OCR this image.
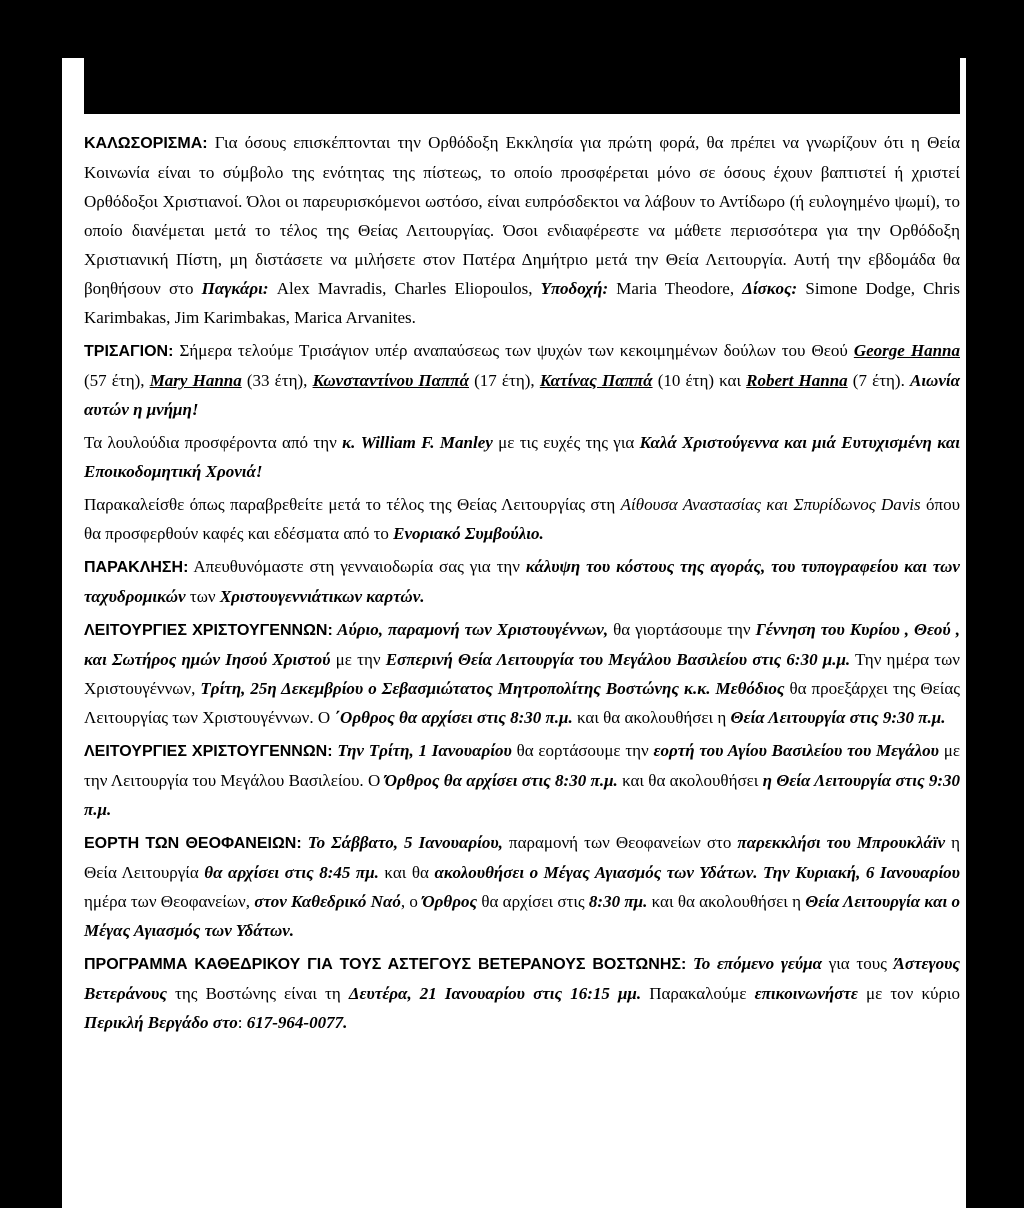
ΚΑΛΩΣΟΡΙΣΜΑ: Για όσους επισκέπτονται την Ορθόδοξη Εκκλησία για πρώτη φορά, θα πρέπει να γνωρίζουν ότι η Θεία Κοινωνία είναι το σύμβολο της ενότητας της πίστεως, το οποίο προσφέρεται μόνο σε όσους έχουν βαπτιστεί ή χριστεί Ορθόδοξοι Χριστιανοί. Όλοι οι παρευρισκόμενοι ωστόσο, είναι ευπρόσδεκτοι να λάβουν το Αντίδωρο (ή ευλογημένο ψωμί), το οποίο διανέμεται μετά το τέλος της Θείας Λειτουργίας. Όσοι ενδιαφέρεστε να μάθετε περισσότερα για την Ορθόδοξη Χριστιανική Πίστη, μη διστάσετε να μιλήσετε στον Πατέρα Δημήτριο μετά την Θεία Λειτουργία. Αυτή την εβδομάδα θα βοηθήσουν στο Παγκάρι: Alex Mavradis, Charles Eliopoulos, Υποδοχή: Maria Theodore, Δίσκος: Simone Dodge, Chris Karimbakas, Jim Karimbakas, Marica Arvanites.

ΤΡΙΣΑΓΙΟΝ: Σήμερα τελούμε Τρισάγιον υπέρ αναπαύσεως των ψυχών των κεκοιμημένων δούλων του Θεού George Hanna (57 έτη), Mary Hanna (33 έτη), Κωνσταντίνου Παππά (17 έτη), Κατίνας Παππά (10 έτη) και Robert Hanna (7 έτη). Αιωνία αυτών η μνήμη!

Τα λουλούδια προσφέροντα από την κ. William F. Manley με τις ευχές της για Καλά Χριστούγεννα και μιά Ευτυχισμένη και Εποικοδομητική Χρονιά!

Παρακαλείσθε όπως παραβρεθείτε μετά το τέλος της Θείας Λειτουργίας στη Αίθουσα Αναστασίας και Σπυρίδωνος Davis όπου θα προσφερθούν καφές και εδέσματα από το Ενοριακό Συμβούλιο.

ΠΑΡΑΚΛΗΣΗ: Απευθυνόμαστε στη γενναιοδωρία σας για την κάλυψη του κόστους της αγοράς, του τυπογραφείου και των ταχυδρομικών των Χριστουγεννιάτικων καρτών.

ΛΕΙΤΟΥΡΓΙΕΣ ΧΡΙΣΤΟΥΓΕΝΝΩΝ: Αύριο, παραμονή των Χριστουγέννων, θα γιορτάσουμε την Γέννηση του Κυρίου , Θεού , και Σωτήρος ημών Ιησού Χριστού με την Εσπερινή Θεία Λειτουργία του Μεγάλου Βασιλείου στις 6:30 μ.μ. Την ημέρα των Χριστουγέννων, Τρίτη, 25η Δεκεμβρίου ο Σεβασμιώτατος Μητροπολίτης Βοστώνης κ.κ. Μεθόδιος θα προεξάρχει της Θείας Λειτουργίας των Χριστουγέννων. Ο ΄Ορθρος θα αρχίσει στις 8:30 π.μ. και θα ακολουθήσει η Θεία Λειτουργία στις 9:30 π.μ.

ΛΕΙΤΟΥΡΓΙΕΣ ΧΡΙΣΤΟΥΓΕΝΝΩΝ: Την Τρίτη, 1 Ιανουαρίου θα εορτάσουμε την εορτή του Αγίου Βασιλείου του Μεγάλου με την Λειτουργία του Μεγάλου Βασιλείου. Ο Όρθρος θα αρχίσει στις 8:30 π.μ. και θα ακολουθήσει η Θεία Λειτουργία στις 9:30 π.μ.

ΕΟΡΤΗ ΤΩΝ ΘΕΟΦΑΝΕΙΩΝ: Το Σάββατο, 5 Ιανουαρίου, παραμονή των Θεοφανείων στο παρεκκλήσι του Μπρουκλάϊν η Θεία Λειτουργία θα αρχίσει στις 8:45 πμ. και θα ακολουθήσει ο Μέγας Αγιασμός των Υδάτων. Την Κυριακή, 6 Ιανουαρίου ημέρα των Θεοφανείων, στον Καθεδρικό Ναό, ο Όρθρος θα αρχίσει στις 8:30 πμ. και θα ακολουθήσει η Θεία Λειτουργία και ο Μέγας Αγιασμός των Υδάτων.

ΠΡΟΓΡΑΜΜΑ ΚΑΘΕΔΡΙΚΟΥ ΓΙΑ ΤΟΥΣ ΑΣΤΕΓΟΥΣ ΒΕΤΕΡΑΝΟΥΣ ΒΟΣΤΩΝΗΣ: Το επόμενο γεύμα για τους Άστεγους Βετεράνους της Βοστώνης είναι τη Δευτέρα, 21 Ιανουαρίου στις 16:15 μμ. Παρακαλούμε επικοινωνήστε με τον κύριο Περικλή Βεργάδο στο: 617-964-0077.
